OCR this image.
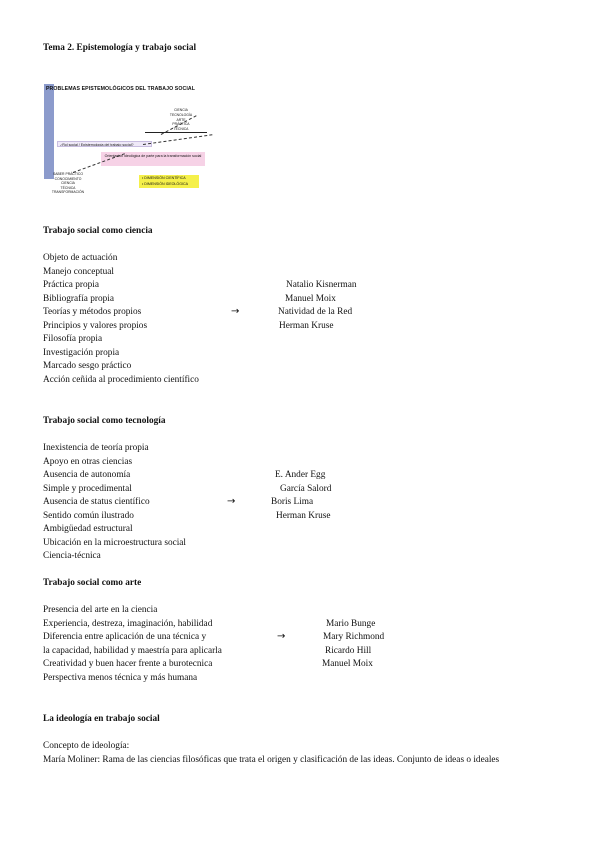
Tema 2. Epistemología y trabajo social
PROBLEMAS EPISTEMOLÓGICOS DEL TRABAJO SOCIAL
CIENCIA
TECNOLOGÍA
ARTE
PRÁCTICA
TÉCNICA
¿Rol social / Epistemología del trabajo social?
Orientación ideológica de parte para la transformación social
SABER PRÁCTICO
CONOCIMIENTO
CIENCIA
TÉCNICA
TRANSFORMACIÓN
• DIMENSIÓN CIENTÍFICA
• DIMENSIÓN IDEOLÓGICA
Trabajo social como ciencia
Objeto de actuación
Manejo conceptual
Práctica propia
Bibliografía propia
Teorías y métodos propios
Principios y valores propios
Filosofía propia
Investigación propia
Marcado sesgo práctico
Acción ceñida al procedimiento científico
→
Natalio Kisnerman
Manuel Moix
Natividad de la Red
Herman Kruse
Trabajo social como tecnología
Inexistencia de teoría propia
Apoyo en otras ciencias
Ausencia de autonomía
Simple y procedimental
Ausencia de status científico
Sentido común ilustrado
Ambigüedad estructural
Ubicación en la microestructura social
Ciencia-técnica
→
E. Ander Egg
García Salord
Boris Lima
Herman Kruse
Trabajo social como arte
Presencia del arte en la ciencia
Experiencia, destreza, imaginación, habilidad
Diferencia entre aplicación de una técnica y
la capacidad, habilidad y maestría para aplicarla
Creatividad y buen hacer frente a burotecnica
Perspectiva menos técnica y más humana
→
Mario Bunge
Mary Richmond
Ricardo Hill
Manuel Moix
La ideología en trabajo social
Concepto de ideología:
María Moliner: Rama de las ciencias filosóficas que trata el origen y clasificación de las ideas. Conjunto de ideas o ideales
